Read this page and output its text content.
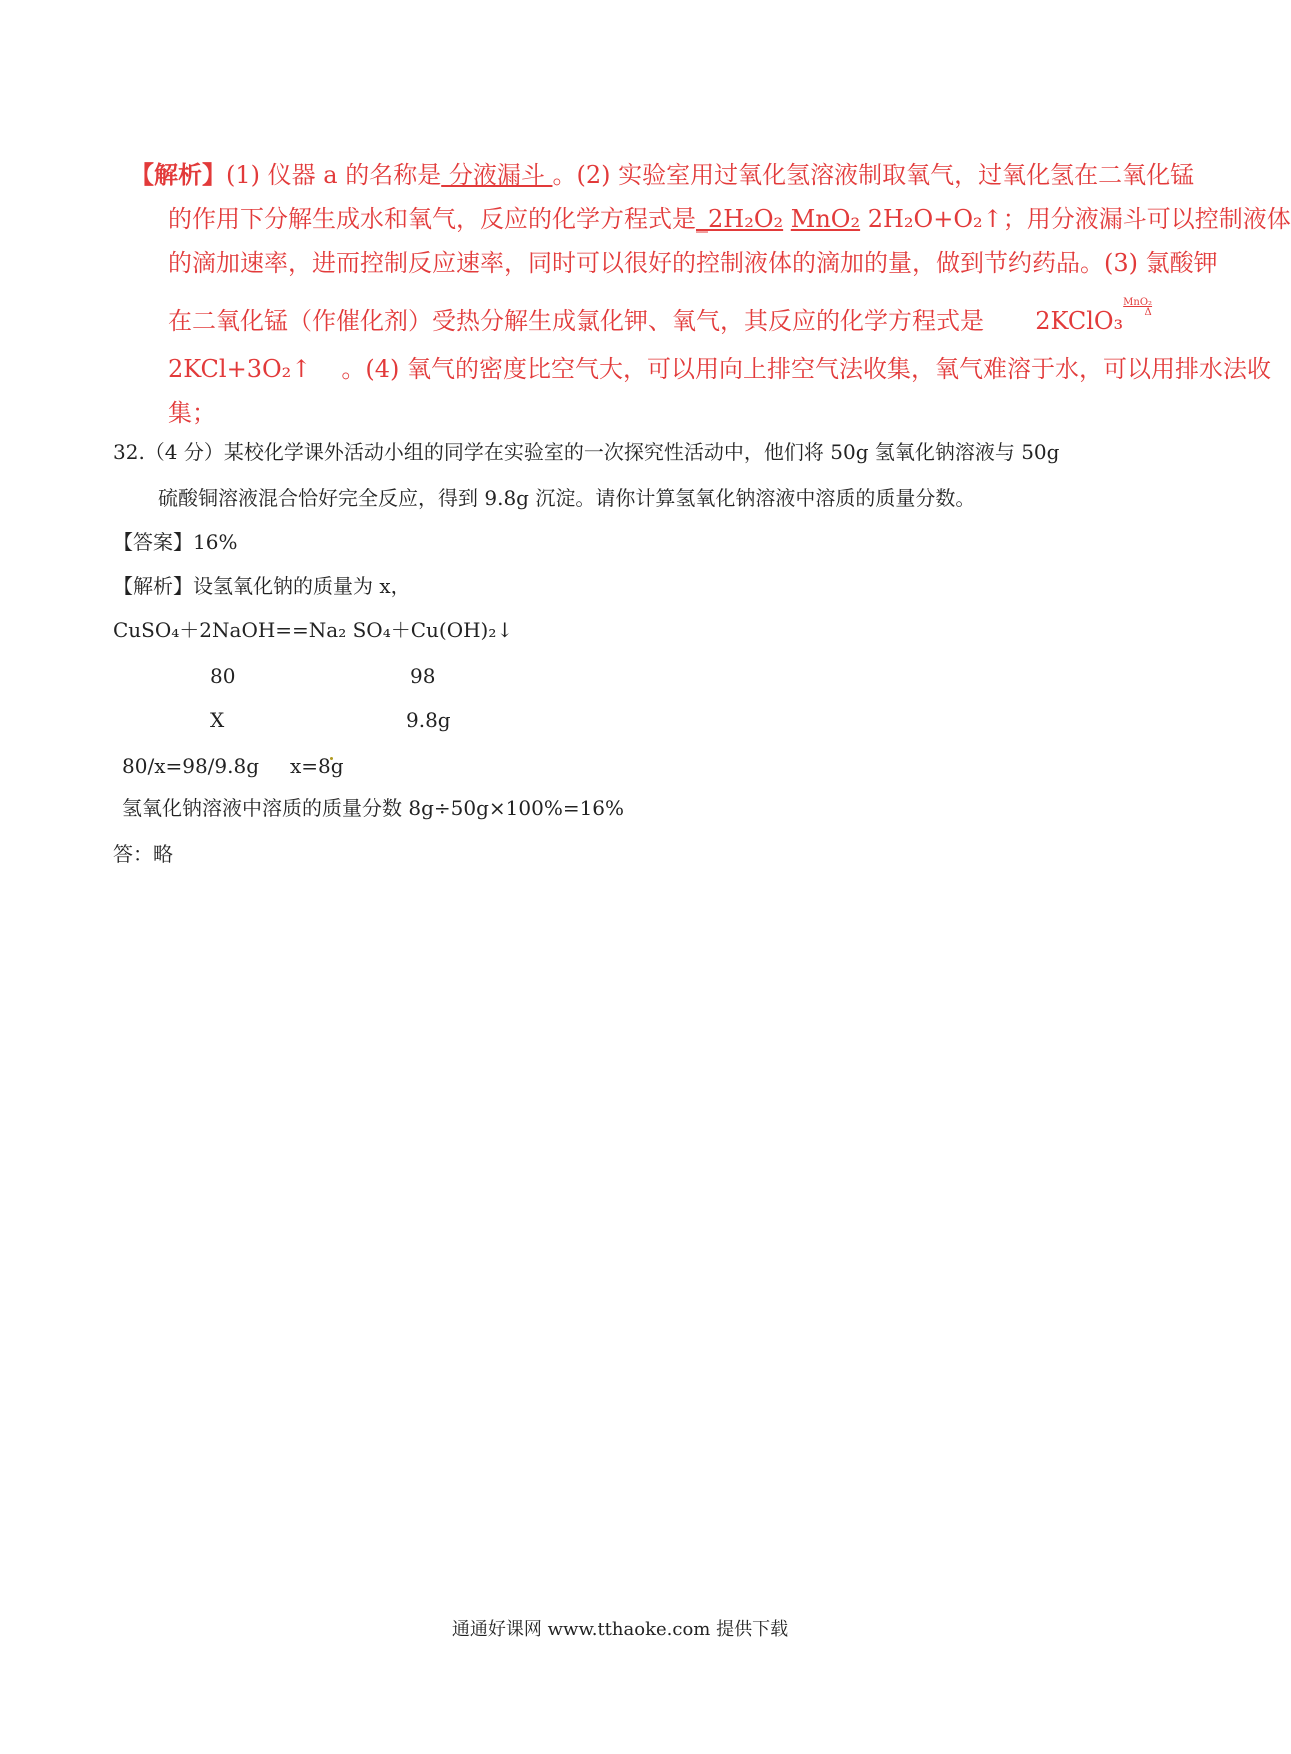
【解析】(1) 仪器 a 的名称是 分液漏斗 。(2) 实验室用过氧化氢溶液制取氧气，过氧化氢在二氧化锰
的作用下分解生成水和氧气，反应的化学方程式是_2H₂O₂ MnO₂ 2H₂O+O₂↑；用分液漏斗可以控制液体
的滴加速率，进而控制反应速率，同时可以很好的控制液体的滴加的量，做到节约药品。(3) 氯酸钾
在二氧化锰（作催化剂）受热分解生成氯化钾、氧气，其反应的化学方程式是 2KClO₃
MnO₂
Δ
2KCl+3O₂↑ 。(4) 氧气的密度比空气大，可以用向上排空气法收集，氧气难溶于水，可以用排水法收
集；
32.（4 分）某校化学课外活动小组的同学在实验室的一次探究性活动中，他们将 50g 氢氧化钠溶液与 50g
硫酸铜溶液混合恰好完全反应，得到 9.8g 沉淀。请你计算氢氧化钠溶液中溶质的质量分数。
【答案】16%
【解析】设氢氧化钠的质量为 x，
CuSO₄＋2NaOH==Na₂ SO₄＋Cu(OH)₂↓
80	98
X	9.8g
80/x=98/9.8g x=8g
氢氧化钠溶液中溶质的质量分数 8g÷50g×100%=16%
答：略
通通好课网 www.tthaoke.com 提供下载
